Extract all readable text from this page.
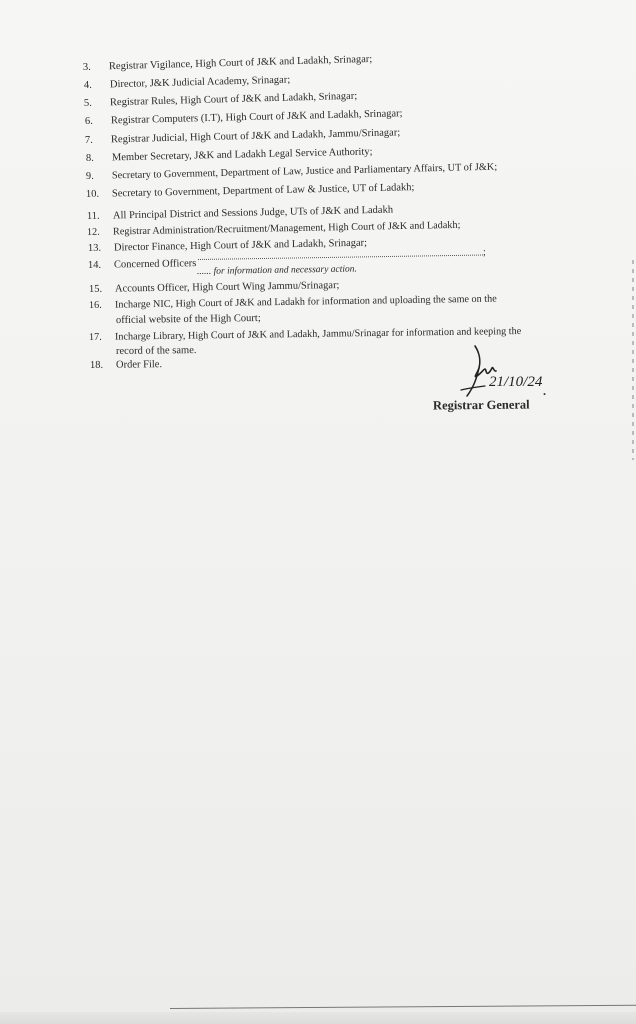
3. Registrar Vigilance, High Court of J&K and Ladakh, Srinagar;
4. Director, J&K Judicial Academy, Srinagar;
5. Registrar Rules, High Court of J&K and Ladakh, Srinagar;
6. Registrar Computers (I.T), High Court of J&K and Ladakh, Srinagar;
7. Registrar Judicial, High Court of J&K and Ladakh, Jammu/Srinagar;
8. Member Secretary, J&K and Ladakh Legal Service Authority;
9. Secretary to Government, Department of Law, Justice and Parliamentary Affairs, UT of J&K;
10. Secretary to Government, Department of Law & Justice, UT of Ladakh;
11. All Principal District and Sessions Judge, UTs of J&K and Ladakh
12. Registrar Administration/Recruitment/Management, High Court of J&K and Ladakh;
13. Director Finance, High Court of J&K and Ladakh, Srinagar;
14. Concerned Officers
;
...... for information and necessary action.
15. Accounts Officer, High Court Wing Jammu/Srinagar;
16. Incharge NIC, High Court of J&K and Ladakh for information and uploading the same on the
official website of the High Court;
17. Incharge Library, High Court of J&K and Ladakh, Jammu/Srinagar for information and keeping the
record of the same.
18. Order File.
21/10/24
.
Registrar General
